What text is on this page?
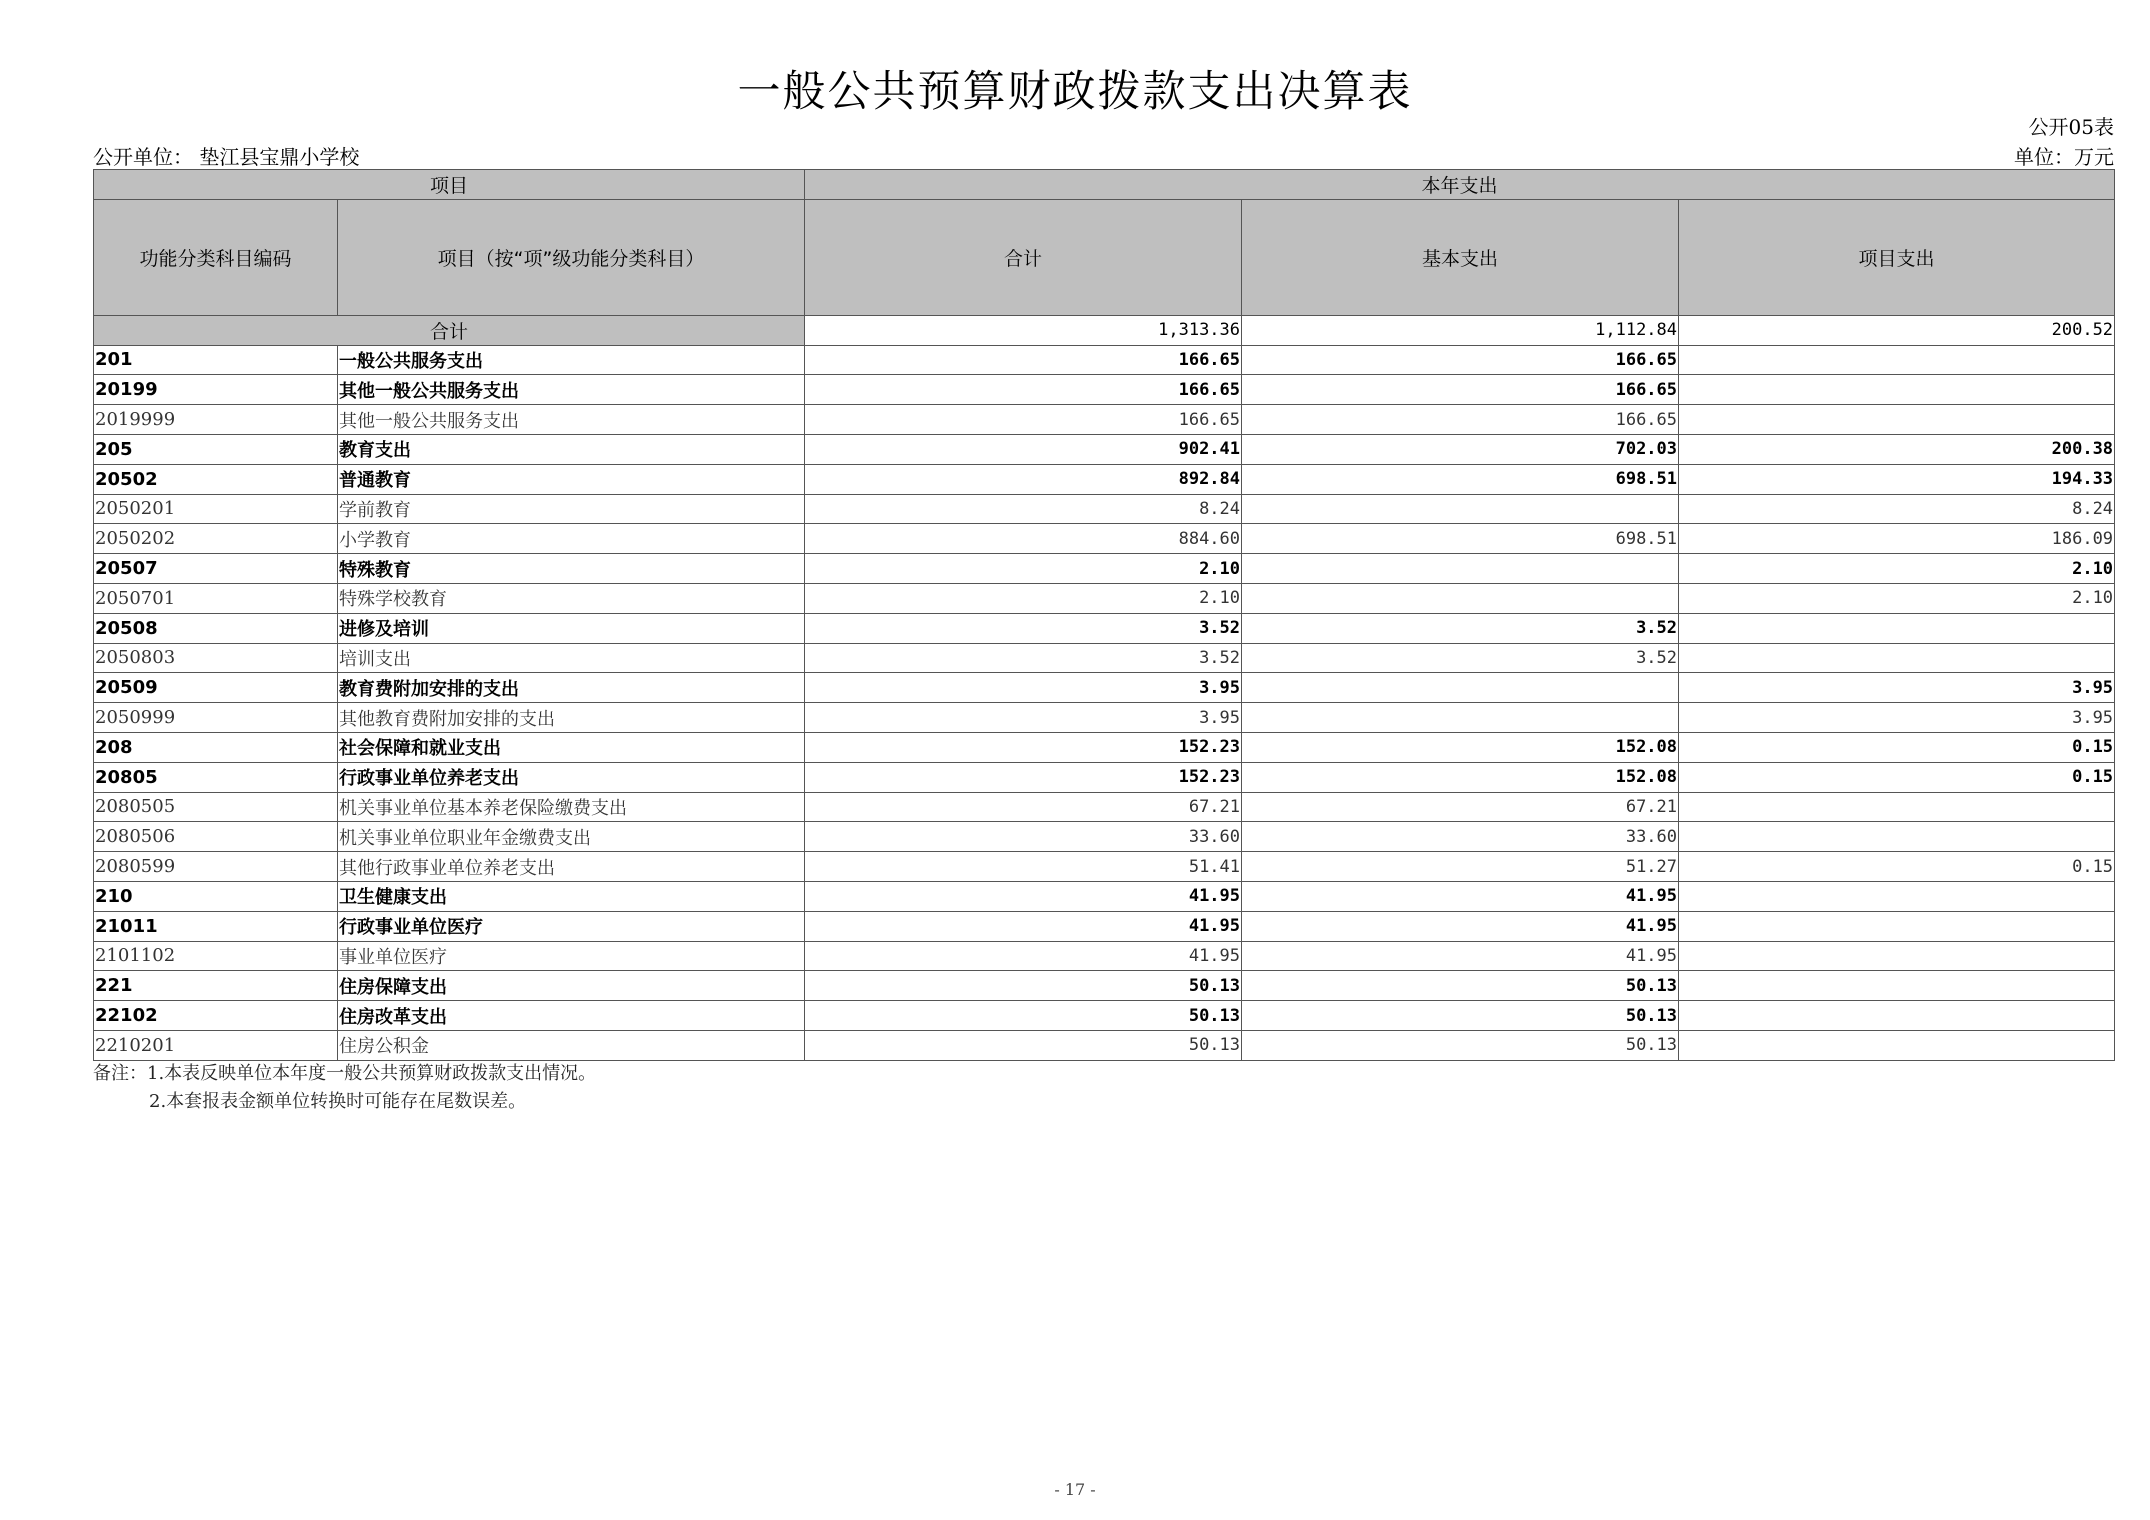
一般公共预算财政拨款支出决算表
公开05表
公开单位： 垫江县宝鼎小学校	单位：万元
项目		本年支出		
功能分类科目编码	项目（按“项”级功能分类科目）	合计	基本支出	项目支出
合计		1,313.36	1,112.84	200.52
201	一般公共服务支出	166.65	166.65	
20199	其他一般公共服务支出	166.65	166.65	
2019999	其他一般公共服务支出	166.65	166.65	
205	教育支出	902.41	702.03	200.38
20502	普通教育	892.84	698.51	194.33
2050201	学前教育	8.24		8.24
2050202	小学教育	884.60	698.51	186.09
20507	特殊教育	2.10		2.10
2050701	特殊学校教育	2.10		2.10
20508	进修及培训	3.52	3.52	
2050803	培训支出	3.52	3.52	
20509	教育费附加安排的支出	3.95		3.95
2050999	其他教育费附加安排的支出	3.95		3.95
208	社会保障和就业支出	152.23	152.08	0.15
20805	行政事业单位养老支出	152.23	152.08	0.15
2080505	机关事业单位基本养老保险缴费支出	67.21	67.21	
2080506	机关事业单位职业年金缴费支出	33.60	33.60	
2080599	其他行政事业单位养老支出	51.41	51.27	0.15
210	卫生健康支出	41.95	41.95	
21011	行政事业单位医疗	41.95	41.95	
2101102	事业单位医疗	41.95	41.95	
221	住房保障支出	50.13	50.13	
22102	住房改革支出	50.13	50.13	
2210201	住房公积金	50.13	50.13	
备注：1.本表反映单位本年度一般公共预算财政拨款支出情况。
2.本套报表金额单位转换时可能存在尾数误差。
- 17 -
